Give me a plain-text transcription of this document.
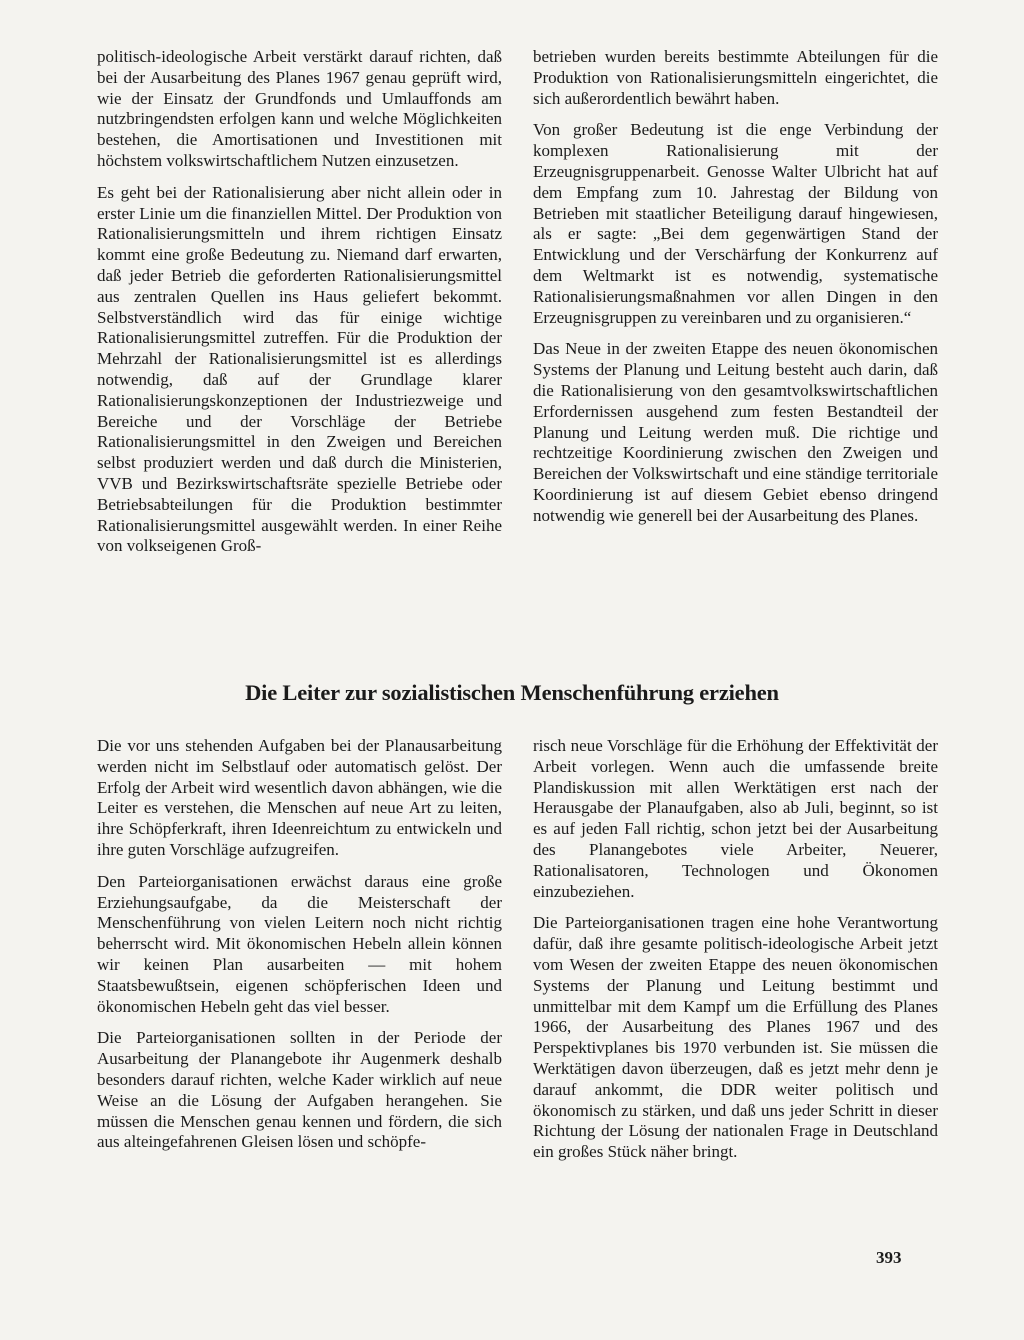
politisch-ideologische Arbeit verstärkt darauf richten, daß bei der Ausarbeitung des Planes 1967 genau geprüft wird, wie der Einsatz der Grundfonds und Umlauffonds am nutzbringendsten erfolgen kann und welche Möglichkeiten bestehen, die Amortisationen und Investitionen mit höchstem volkswirtschaftlichem Nutzen einzusetzen.

Es geht bei der Rationalisierung aber nicht allein oder in erster Linie um die finanziellen Mittel. Der Produktion von Rationalisierungsmitteln und ihrem richtigen Einsatz kommt eine große Bedeutung zu. Niemand darf erwarten, daß jeder Betrieb die geforderten Rationalisierungsmittel aus zentralen Quellen ins Haus geliefert bekommt. Selbstverständlich wird das für einige wichtige Rationalisierungsmittel zutreffen. Für die Produktion der Mehrzahl der Rationalisierungsmittel ist es allerdings notwendig, daß auf der Grundlage klarer Rationalisierungskonzeptionen der Industriezweige und Bereiche und der Vorschläge der Betriebe Rationalisierungsmittel in den Zweigen und Bereichen selbst produziert werden und daß durch die Ministerien, VVB und Bezirkswirtschaftsräte spezielle Betriebe oder Betriebsabteilungen für die Produktion bestimmter Rationalisierungsmittel ausgewählt werden. In einer Reihe von volkseigenen Groß-

betrieben wurden bereits bestimmte Abteilungen für die Produktion von Rationalisierungsmitteln eingerichtet, die sich außerordentlich bewährt haben.

Von großer Bedeutung ist die enge Verbindung der komplexen Rationalisierung mit der Erzeugnisgruppenarbeit. Genosse Walter Ulbricht hat auf dem Empfang zum 10. Jahrestag der Bildung von Betrieben mit staatlicher Beteiligung darauf hingewiesen, als er sagte: „Bei dem gegenwärtigen Stand der Entwicklung und der Verschärfung der Konkurrenz auf dem Weltmarkt ist es notwendig, systematische Rationalisierungsmaßnahmen vor allen Dingen in den Erzeugnisgruppen zu vereinbaren und zu organisieren.“

Das Neue in der zweiten Etappe des neuen ökonomischen Systems der Planung und Leitung besteht auch darin, daß die Rationalisierung von den gesamtvolkswirtschaftlichen Erfordernissen ausgehend zum festen Bestandteil der Planung und Leitung werden muß. Die richtige und rechtzeitige Koordinierung zwischen den Zweigen und Bereichen der Volkswirtschaft und eine ständige territoriale Koordinierung ist auf diesem Gebiet ebenso dringend notwendig wie generell bei der Ausarbeitung des Planes.

Die Leiter zur sozialistischen Menschenführung erziehen

Die vor uns stehenden Aufgaben bei der Planausarbeitung werden nicht im Selbstlauf oder automatisch gelöst. Der Erfolg der Arbeit wird wesentlich davon abhängen, wie die Leiter es verstehen, die Menschen auf neue Art zu leiten, ihre Schöpferkraft, ihren Ideenreichtum zu entwickeln und ihre guten Vorschläge aufzugreifen.

Den Parteiorganisationen erwächst daraus eine große Erziehungsaufgabe, da die Meisterschaft der Menschenführung von vielen Leitern noch nicht richtig beherrscht wird. Mit ökonomischen Hebeln allein können wir keinen Plan ausarbeiten — mit hohem Staatsbewußtsein, eigenen schöpferischen Ideen und ökonomischen Hebeln geht das viel besser.

Die Parteiorganisationen sollten in der Periode der Ausarbeitung der Planangebote ihr Augenmerk deshalb besonders darauf richten, welche Kader wirklich auf neue Weise an die Lösung der Aufgaben herangehen. Sie müssen die Menschen genau kennen und fördern, die sich aus alteingefahrenen Gleisen lösen und schöpfe-

risch neue Vorschläge für die Erhöhung der Effektivität der Arbeit vorlegen. Wenn auch die umfassende breite Plandiskussion mit allen Werktätigen erst nach der Herausgabe der Planaufgaben, also ab Juli, beginnt, so ist es auf jeden Fall richtig, schon jetzt bei der Ausarbeitung des Planangebotes viele Arbeiter, Neuerer, Rationalisatoren, Technologen und Ökonomen einzubeziehen.

Die Parteiorganisationen tragen eine hohe Verantwortung dafür, daß ihre gesamte politisch-ideologische Arbeit jetzt vom Wesen der zweiten Etappe des neuen ökonomischen Systems der Planung und Leitung bestimmt und unmittelbar mit dem Kampf um die Erfüllung des Planes 1966, der Ausarbeitung des Planes 1967 und des Perspektivplanes bis 1970 verbunden ist. Sie müssen die Werktätigen davon überzeugen, daß es jetzt mehr denn je darauf ankommt, die DDR weiter politisch und ökonomisch zu stärken, und daß uns jeder Schritt in dieser Richtung der Lösung der nationalen Frage in Deutschland ein großes Stück näher bringt.

393
